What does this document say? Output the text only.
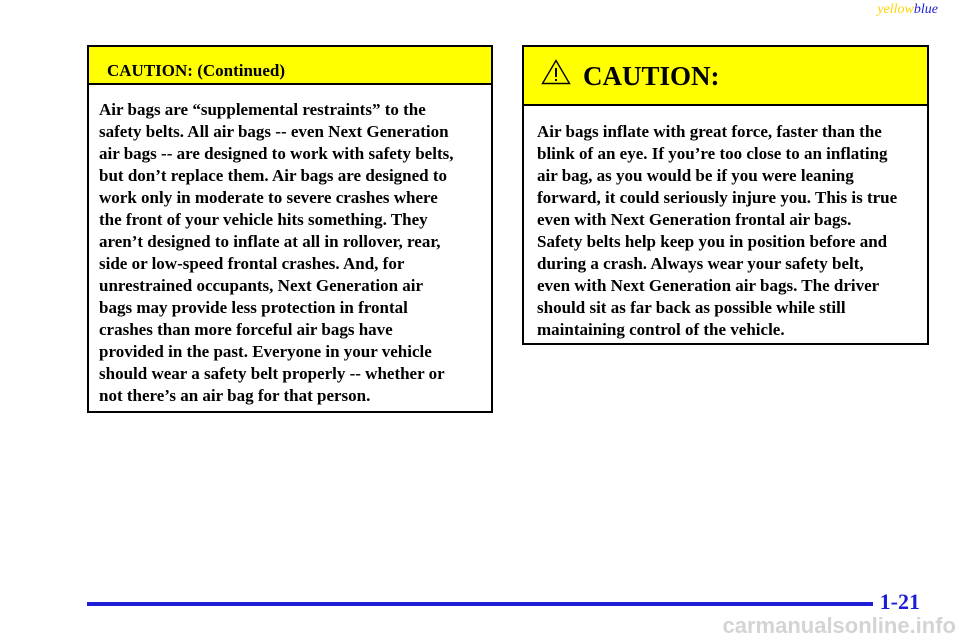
yellowblue
CAUTION: (Continued)
Air bags are “supplemental restraints” to the
safety belts. All air bags -- even Next Generation
air bags -- are designed to work with safety belts,
but don’t replace them. Air bags are designed to
work only in moderate to severe crashes where
the front of your vehicle hits something. They
aren’t designed to inflate at all in rollover, rear,
side or low-speed frontal crashes. And, for
unrestrained occupants, Next Generation air
bags may provide less protection in frontal
crashes than more forceful air bags have
provided in the past. Everyone in your vehicle
should wear a safety belt properly -- whether or
not there’s an air bag for that person.
CAUTION:
Air bags inflate with great force, faster than the
blink of an eye. If you’re too close to an inflating
air bag, as you would be if you were leaning
forward, it could seriously injure you. This is true
even with Next Generation frontal air bags.
Safety belts help keep you in position before and
during a crash. Always wear your safety belt,
even with Next Generation air bags. The driver
should sit as far back as possible while still
maintaining control of the vehicle.
1-21
carmanualsonline.info
